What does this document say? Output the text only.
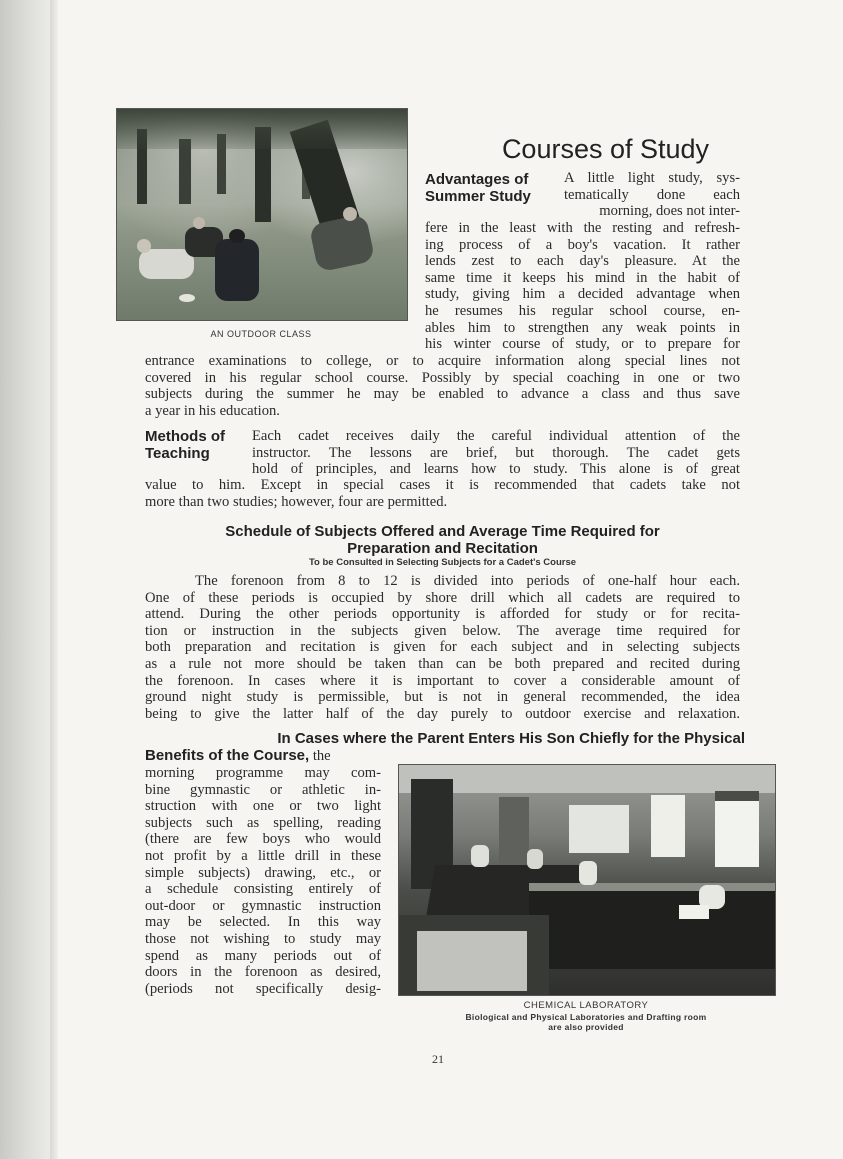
AN OUTDOOR CLASS
Courses of Study
Advantages of
Summer Study
A little light study, sys-
tematically done each
morning, does not inter-
fere in the least with the resting and refresh-
ing process of a boy's vacation. It rather
lends zest to each day's pleasure. At the
same time it keeps his mind in the habit of
study, giving him a decided advantage when
he resumes his regular school course, en-
ables him to strengthen any weak points in
his winter course of study, or to prepare for
entrance examinations to college, or to acquire information along special lines not
covered in his regular school course. Possibly by special coaching in one or two
subjects during the summer he may be enabled to advance a class and thus save
a year in his education.
Methods of
Teaching
Each cadet receives daily the careful individual attention of the
instructor. The lessons are brief, but thorough. The cadet gets
hold of principles, and learns how to study. This alone is of great
value to him. Except in special cases it is recommended that cadets take not
more than two studies; however, four are permitted.
Schedule of Subjects Offered and Average Time Required for
Preparation and Recitation
To be Consulted in Selecting Subjects for a Cadet's Course
The forenoon from 8 to 12 is divided into periods of one-half hour each.
One of these periods is occupied by shore drill which all cadets are required to
attend. During the other periods opportunity is afforded for study or for recita-
tion or instruction in the subjects given below. The average time required for
both preparation and recitation is given for each subject and in selecting subjects
as a rule not more should be taken than can be both prepared and recited during
the forenoon. In cases where it is important to cover a considerable amount of
ground night study is permissible, but is not in general recommended, the idea
being to give the latter half of the day purely to outdoor exercise and relaxation.
In Cases where the Parent Enters His Son Chiefly for the Physical
Benefits of the Course, the
morning programme may com-
bine gymnastic or athletic in-
struction with one or two light
subjects such as spelling, reading
(there are few boys who would
not profit by a little drill in these
simple subjects) drawing, etc., or
a schedule consisting entirely of
out-door or gymnastic instruction
may be selected. In this way
those not wishing to study may
spend as many periods out of
doors in the forenoon as desired,
(periods not specifically desig-
CHEMICAL LABORATORY
Biological and Physical Laboratories and Drafting room
are also provided
21
